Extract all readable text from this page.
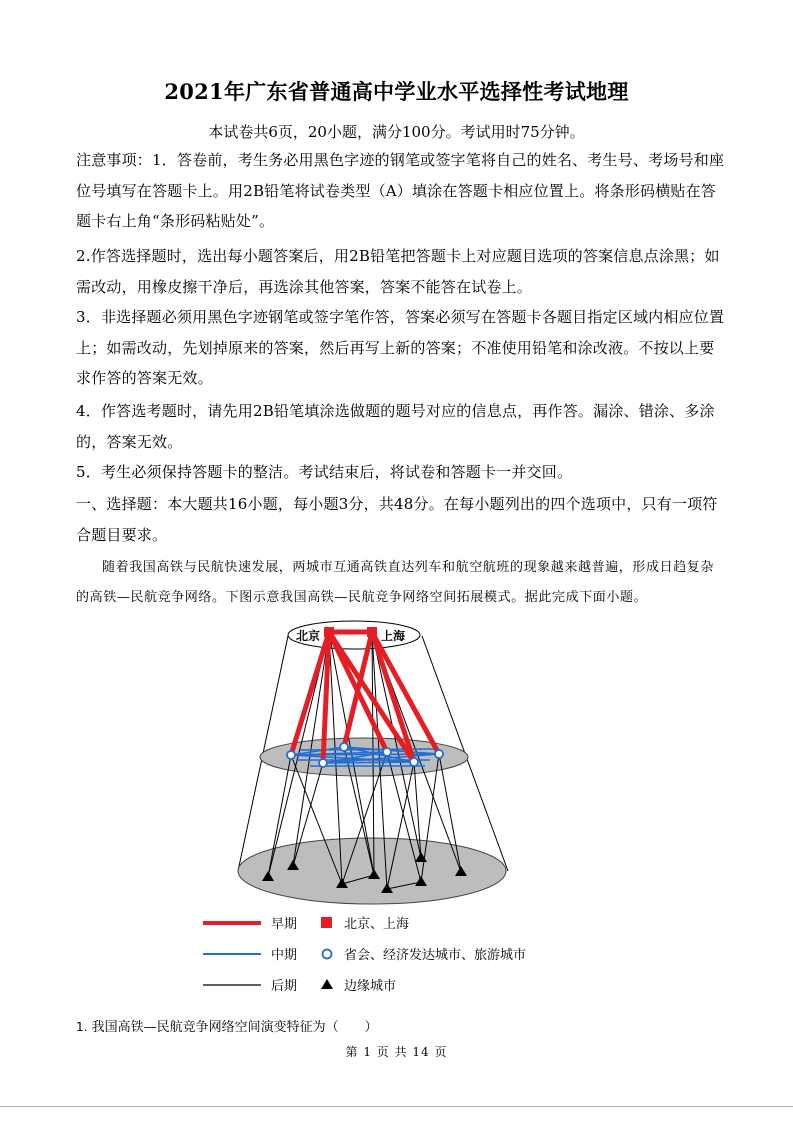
2021年广东省普通高中学业水平选择性考试地理
本试卷共6页，20小题，满分100分。考试用时75分钟。
注意事项：1．答卷前，考生务必用黑色字迹的钢笔或签字笔将自己的姓名、考生号、考场号和座位号填写在答题卡上。用2B铅笔将试卷类型（A）填涂在答题卡相应位置上。将条形码横贴在答题卡右上角“条形码粘贴处”。
2.作答选择题时，选出每小题答案后，用2B铅笔把答题卡上对应题目选项的答案信息点涂黑；如需改动，用橡皮擦干净后，再选涂其他答案，答案不能答在试卷上。
3．非选择题必须用黑色字迹钢笔或签字笔作答，答案必须写在答题卡各题目指定区域内相应位置上；如需改动，先划掉原来的答案，然后再写上新的答案；不准使用铅笔和涂改液。不按以上要求作答的答案无效。
4．作答选考题时，请先用2B铅笔填涂选做题的题号对应的信息点，再作答。漏涂、错涂、多涂的，答案无效。
5．考生必须保持答题卡的整洁。考试结束后，将试卷和答题卡一并交回。
一、选择题：本大题共16小题，每小题3分，共48分。在每小题列出的四个选项中，只有一项符合题目要求。
随着我国高铁与民航快速发展，两城市互通高铁直达列车和航空航班的现象越来越普遍，形成日趋复杂的高铁—民航竞争网络。下图示意我国高铁—民航竞争网络空间拓展模式。据此完成下面小题。
北京	上海
早期	北京、上海
中期	省会、经济发达城市、旅游城市
后期	边缘城市
1. 我国高铁—民航竞争网络空间演变特征为（　　）
第 1 页 共 14 页
